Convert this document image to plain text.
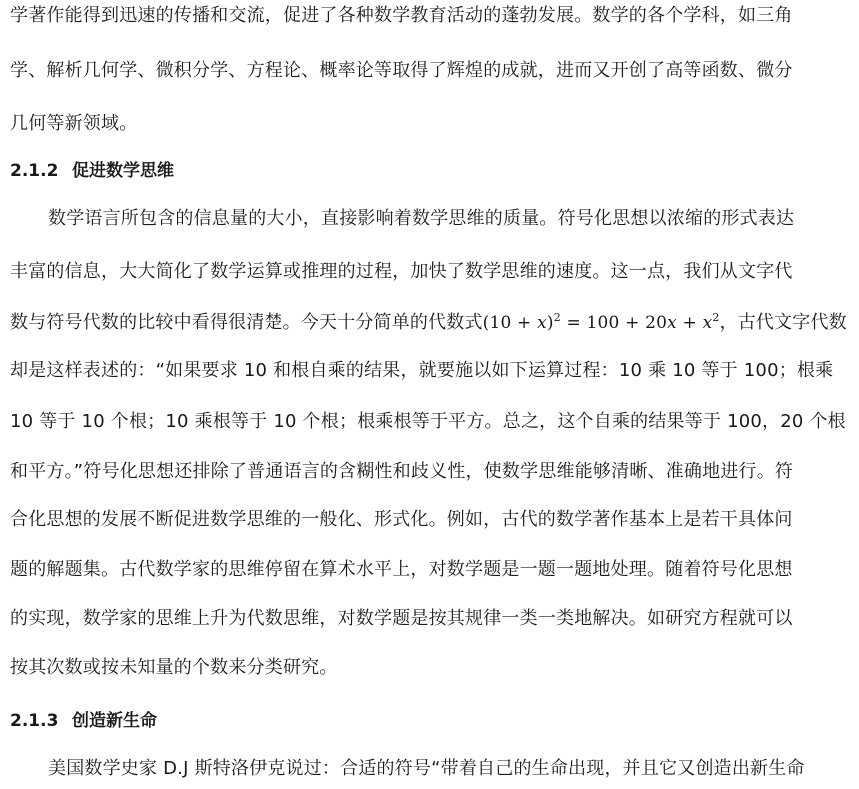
学著作能得到迅速的传播和交流，促进了各种数学教育活动的蓬勃发展。数学的各个学科，如三角
学、解析几何学、微积分学、方程论、概率论等取得了辉煌的成就，进而又开创了高等函数、微分
几何等新领域。
2.1.2 促进数学思维
数学语言所包含的信息量的大小，直接影响着数学思维的质量。符号化思想以浓缩的形式表达
丰富的信息，大大简化了数学运算或推理的过程，加快了数学思维的速度。这一点，我们从文字代
数与符号代数的比较中看得很清楚。今天十分简单的代数式$(10 + x)^2 = 100 + 20x + x^2$，古代文字代数
却是这样表述的：“如果要求 10 和根自乘的结果，就要施以如下运算过程：10 乘 10 等于 100；根乘
10 等于 10 个根；10 乘根等于 10 个根；根乘根等于平方。总之，这个自乘的结果等于 100，20 个根
和平方。”符号化思想还排除了普通语言的含糊性和歧义性，使数学思维能够清晰、准确地进行。符
合化思想的发展不断促进数学思维的一般化、形式化。例如，古代的数学著作基本上是若干具体问
题的解题集。古代数学家的思维停留在算术水平上，对数学题是一题一题地处理。随着符号化思想
的实现，数学家的思维上升为代数思维，对数学题是按其规律一类一类地解决。如研究方程就可以
按其次数或按未知量的个数来分类研究。
2.1.3 创造新生命
美国数学史家 D.J 斯特洛伊克说过：合适的符号“带着自己的生命出现，并且它又创造出新生命
